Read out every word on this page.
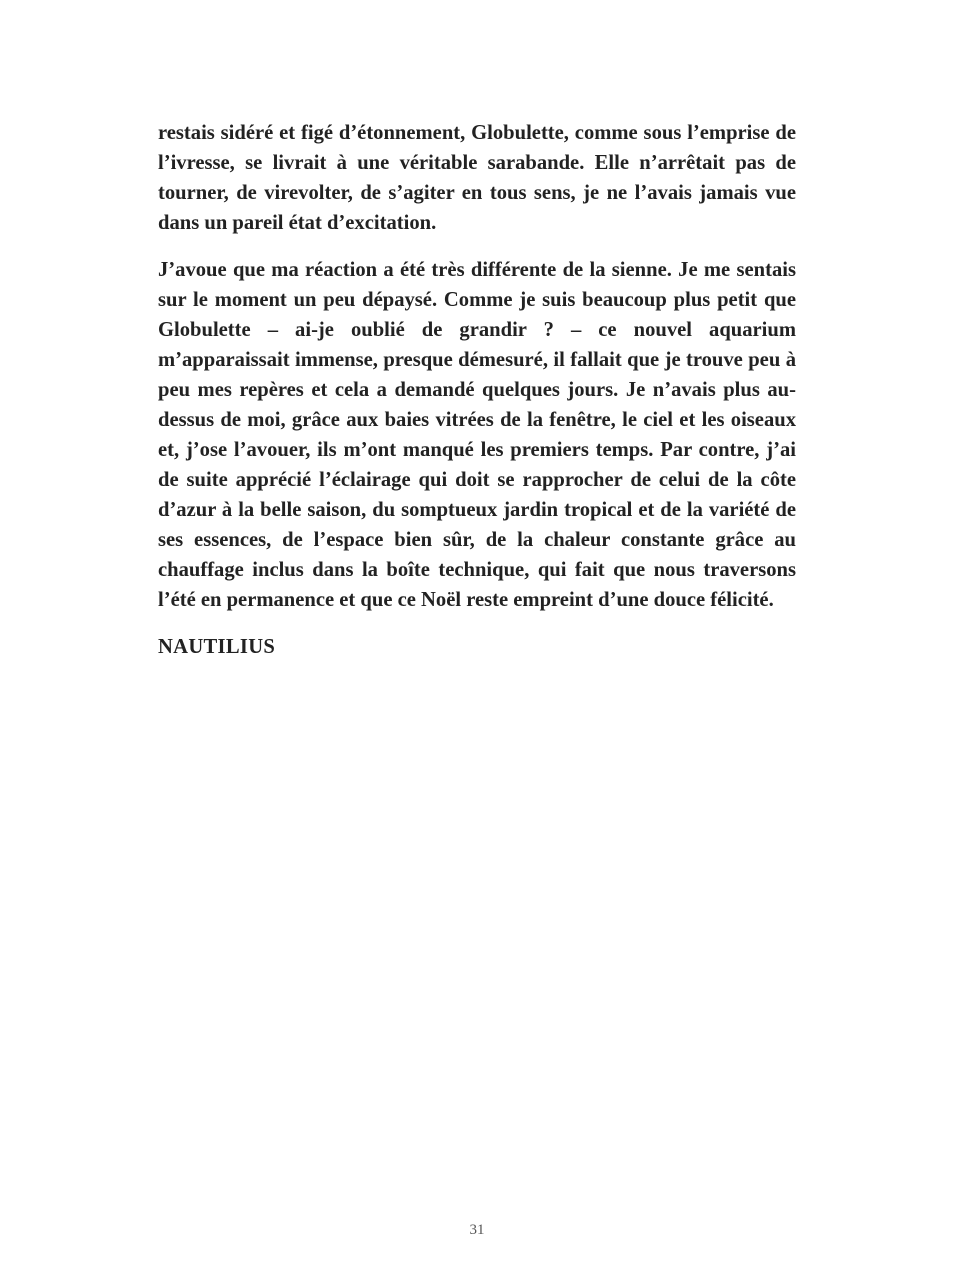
restais sidéré et figé d’étonnement, Globulette, comme sous l’emprise de l’ivresse, se livrait à une véritable sarabande. Elle n’arrêtait pas de tourner, de virevolter, de s’agiter en tous sens, je ne l’avais jamais vue dans un pareil état d’excitation.

J’avoue que ma réaction a été très différente de la sienne. Je me sentais sur le moment un peu dépaysé. Comme je suis beaucoup plus petit que Globulette – ai-je oublié de grandir ? – ce nouvel aquarium m’apparaissait immense, presque démesuré, il fallait que je trouve peu à peu mes repères et cela a demandé quelques jours. Je n’avais plus au-dessus de moi, grâce aux baies vitrées de la fenêtre, le ciel et les oiseaux et, j’ose l’avouer, ils m’ont manqué les premiers temps. Par contre, j’ai de suite apprécié l’éclairage qui doit se rapprocher de celui de la côte d’azur à la belle saison, du somptueux jardin tropical et de la variété de ses essences, de l’espace bien sûr, de la chaleur constante grâce au chauffage inclus dans la boîte technique, qui fait que nous traversons l’été en permanence et que ce Noël reste empreint d’une douce félicité.

NAUTILIUS

31
